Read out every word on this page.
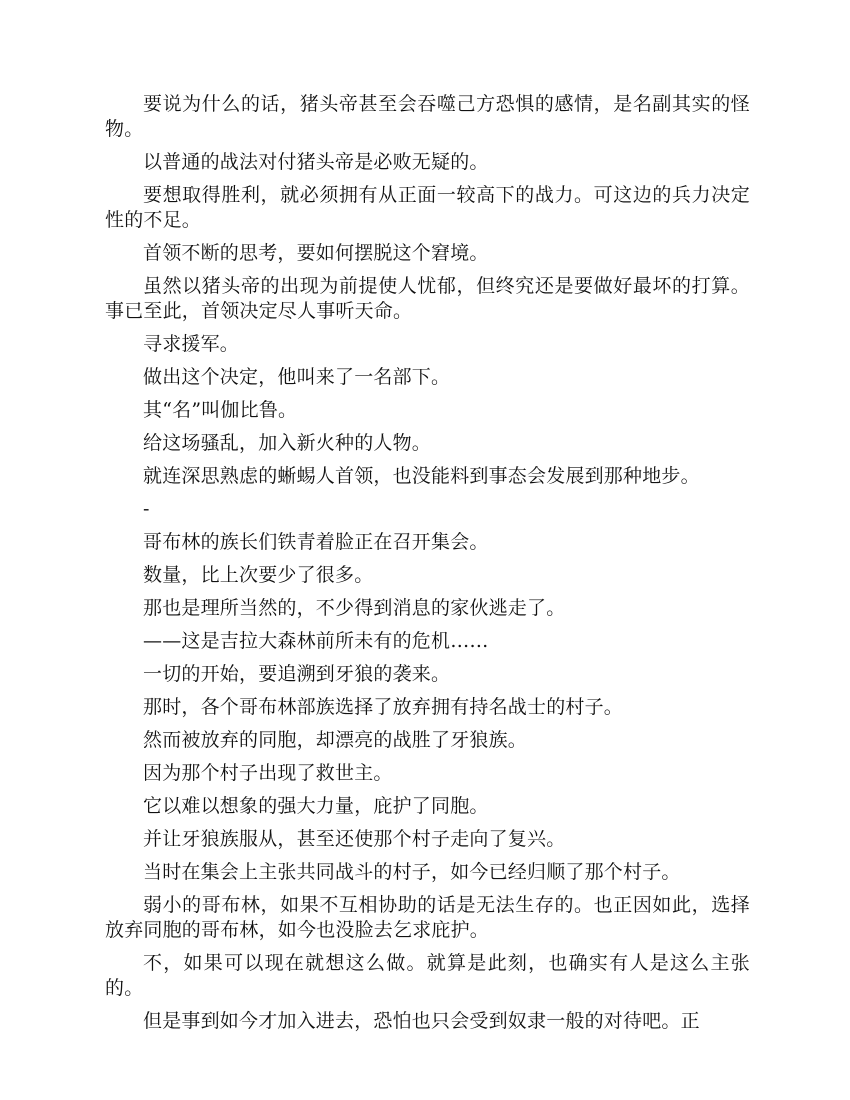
要说为什么的话，猪头帝甚至会吞噬己方恐惧的感情，是名副其实的怪物。

以普通的战法对付猪头帝是必败无疑的。

要想取得胜利，就必须拥有从正面一较高下的战力。可这边的兵力决定性的不足。

首领不断的思考，要如何摆脱这个窘境。

虽然以猪头帝的出现为前提使人忧郁，但终究还是要做好最坏的打算。事已至此，首领决定尽人事听天命。

寻求援军。

做出这个决定，他叫来了一名部下。

其“名”叫伽比鲁。

给这场骚乱，加入新火种的人物。

就连深思熟虑的蜥蜴人首领，也没能料到事态会发展到那种地步。

-

哥布林的族长们铁青着脸正在召开集会。

数量，比上次要少了很多。

那也是理所当然的，不少得到消息的家伙逃走了。

——这是吉拉大森林前所未有的危机……

一切的开始，要追溯到牙狼的袭来。

那时，各个哥布林部族选择了放弃拥有持名战士的村子。

然而被放弃的同胞，却漂亮的战胜了牙狼族。

因为那个村子出现了救世主。

它以难以想象的强大力量，庇护了同胞。

并让牙狼族服从，甚至还使那个村子走向了复兴。

当时在集会上主张共同战斗的村子，如今已经归顺了那个村子。

弱小的哥布林，如果不互相协助的话是无法生存的。也正因如此，选择放弃同胞的哥布林，如今也没脸去乞求庇护。

不，如果可以现在就想这么做。就算是此刻，也确实有人是这么主张的。

但是事到如今才加入进去，恐怕也只会受到奴隶一般的对待吧。正
